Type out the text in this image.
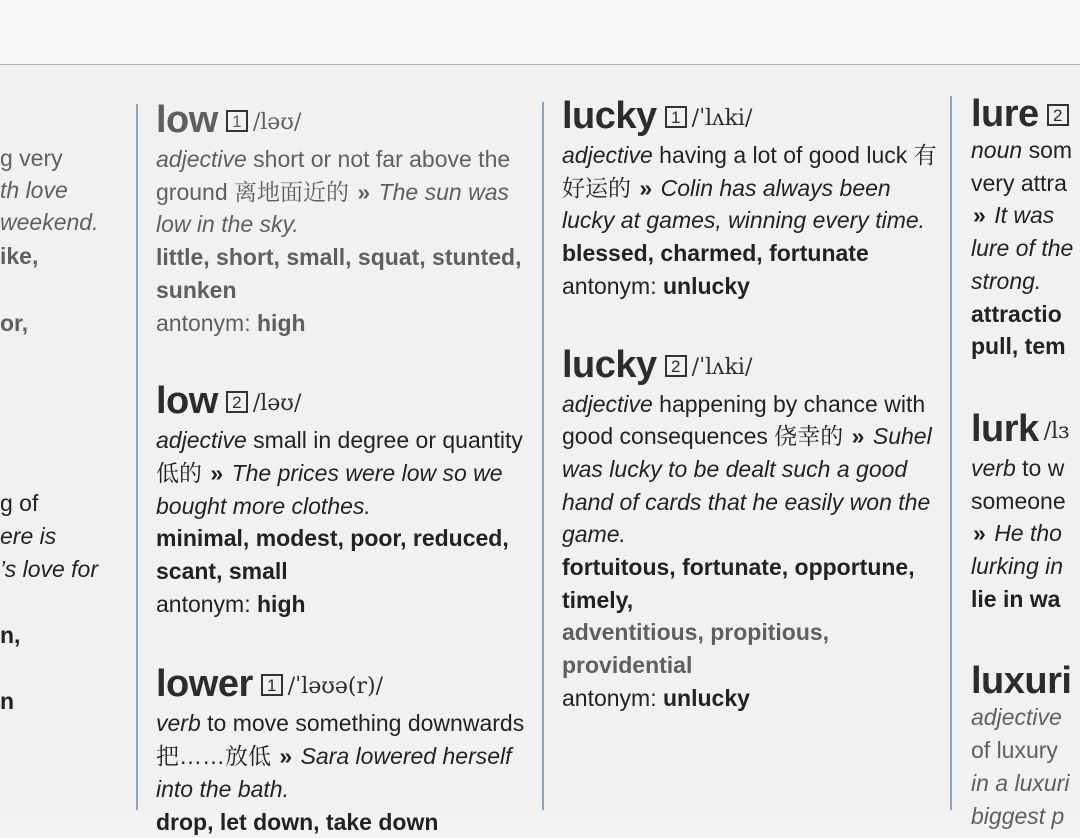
g very
th love
weekend.
ike,
or,
g of
ere is
’s love for
n,
n
low 1 /ləʊ/
adjective short or not far above the ground 离地面近的 » The sun was low in the sky.
little, short, small, squat, stunted, sunken
antonym: high
low 2 /ləʊ/
adjective small in degree or quantity 低的 » The prices were low so we bought more clothes.
minimal, modest, poor, reduced, scant, small
antonym: high
lower 1 /ˈləʊə(r)/
verb to move something downwards 把……放低 » Sara lowered herself into the bath.
drop, let down, take down
lucky 1 /ˈlʌki/
adjective having a lot of good luck 有好运的 » Colin has always been lucky at games, winning every time.
blessed, charmed, fortunate
antonym: unlucky
lucky 2 /ˈlʌki/
adjective happening by chance with good consequences 侥幸的 » Suhel was lucky to be dealt such a good hand of cards that he easily won the game.
fortuitous, fortunate, opportune, timely,
adventitious, propitious, providential
antonym: unlucky
lure 2
noun som
very attra
» It was
lure of the
strong.
attractio
pull, tem
lurk /lɜ
verb to w
someone
» He tho
lurking in
lie in wa
luxuri
adjective
of luxury
in a luxuri
biggest p
